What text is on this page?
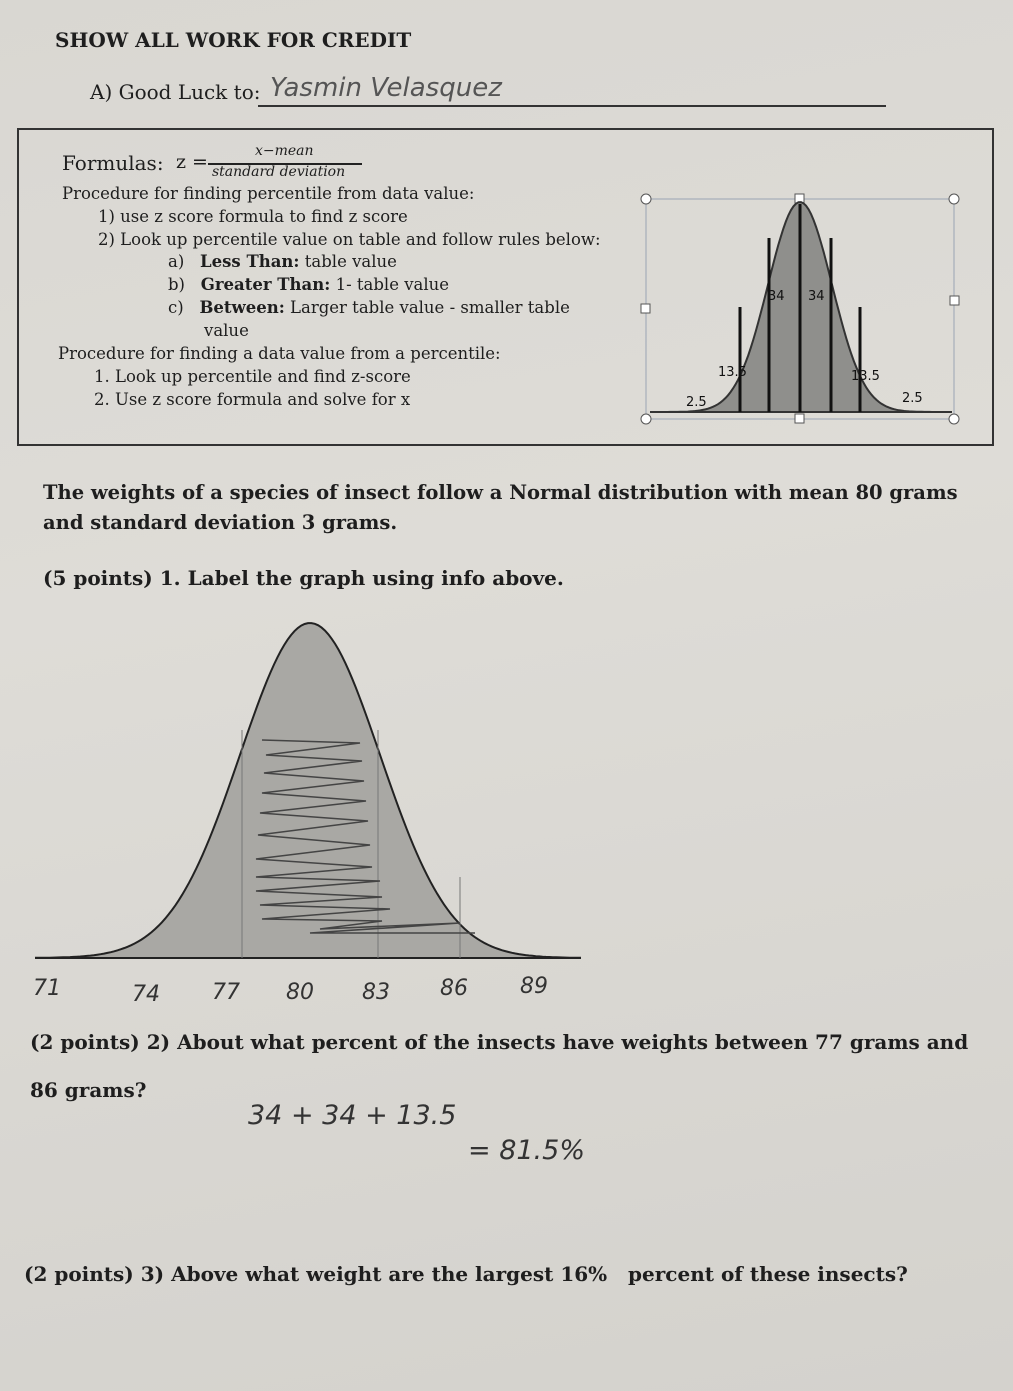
SHOW ALL WORK FOR CREDIT
A) Good Luck to: Yasmin Velasquez
Formulas: z =	x−mean
standard deviation
Procedure for finding percentile from data value:
1) use z score formula to find z score
2) Look up percentile value on table and follow rules below:
a) Less Than: table value
b) Greater Than: 1- table value
c) Between: Larger table value - smaller table
value
Procedure for finding a data value from a percentile:
1. Look up percentile and find z-score
2. Use z score formula and solve for x	2.5
13.5
34 34
13.5
2.5
The weights of a species of insect follow a Normal distribution with mean 80 grams
and standard deviation 3 grams.
(5 points) 1. Label the graph using info above.
71	74 77 80 83 86 89
(2 points) 2) About what percent of the insects have weights between 77 grams and
86 grams?
34 + 34 + 13.5
= 81.5%
(2 points) 3) Above what weight are the largest 16% percent of these insects?
